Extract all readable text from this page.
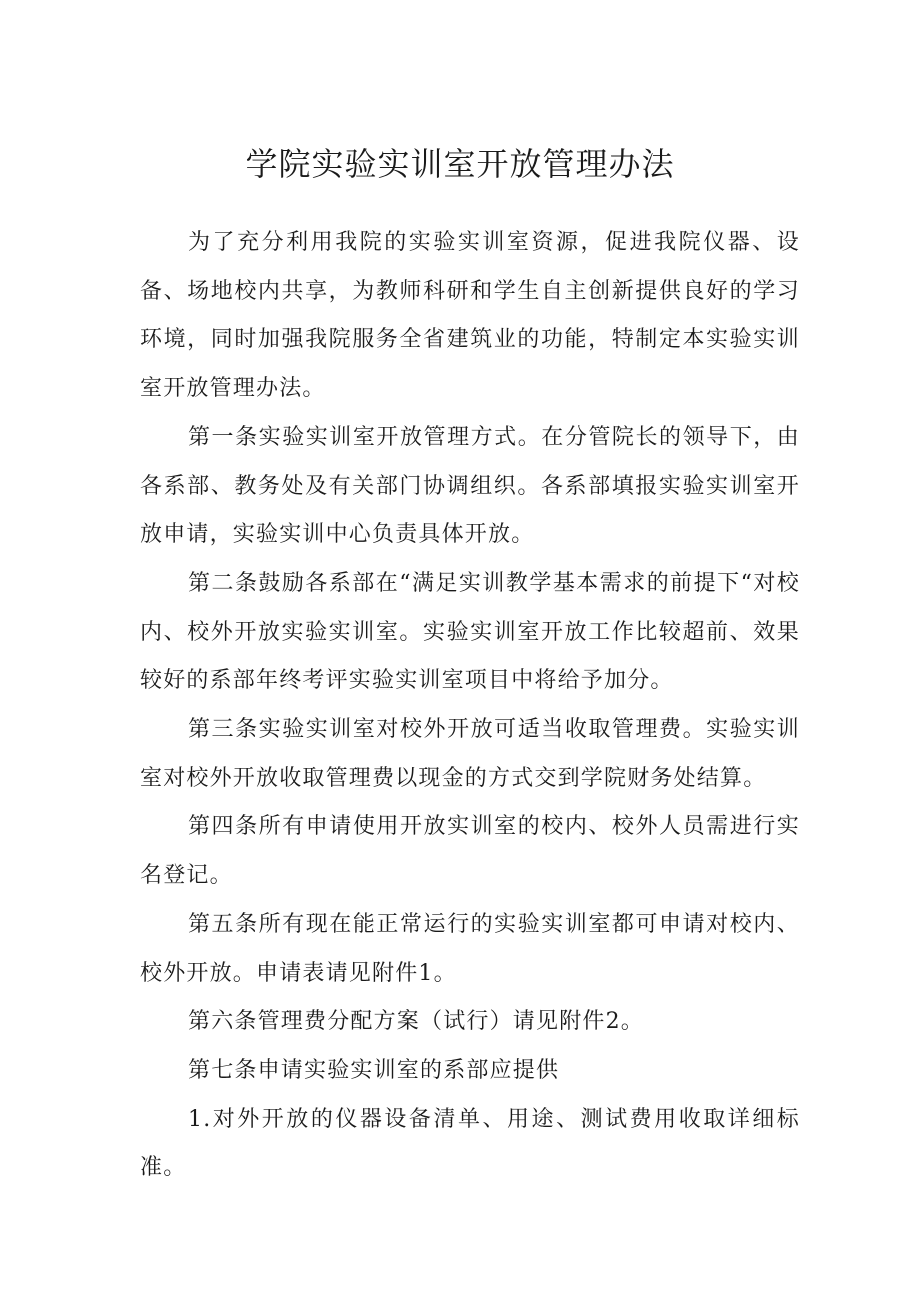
学院实验实训室开放管理办法

为了充分利用我院的实验实训室资源，促进我院仪器、设备、场地校内共享，为教师科研和学生自主创新提供良好的学习环境，同时加强我院服务全省建筑业的功能，特制定本实验实训室开放管理办法。

第一条实验实训室开放管理方式。在分管院长的领导下，由各系部、教务处及有关部门协调组织。各系部填报实验实训室开放申请，实验实训中心负责具体开放。

第二条鼓励各系部在“满足实训教学基本需求的前提下“对校内、校外开放实验实训室。实验实训室开放工作比较超前、效果较好的系部年终考评实验实训室项目中将给予加分。

第三条实验实训室对校外开放可适当收取管理费。实验实训室对校外开放收取管理费以现金的方式交到学院财务处结算。

第四条所有申请使用开放实训室的校内、校外人员需进行实名登记。

第五条所有现在能正常运行的实验实训室都可申请对校内、校外开放。申请表请见附件1。

第六条管理费分配方案（试行）请见附件2。

第七条申请实验实训室的系部应提供

1.对外开放的仪器设备清单、用途、测试费用收取详细标准。
